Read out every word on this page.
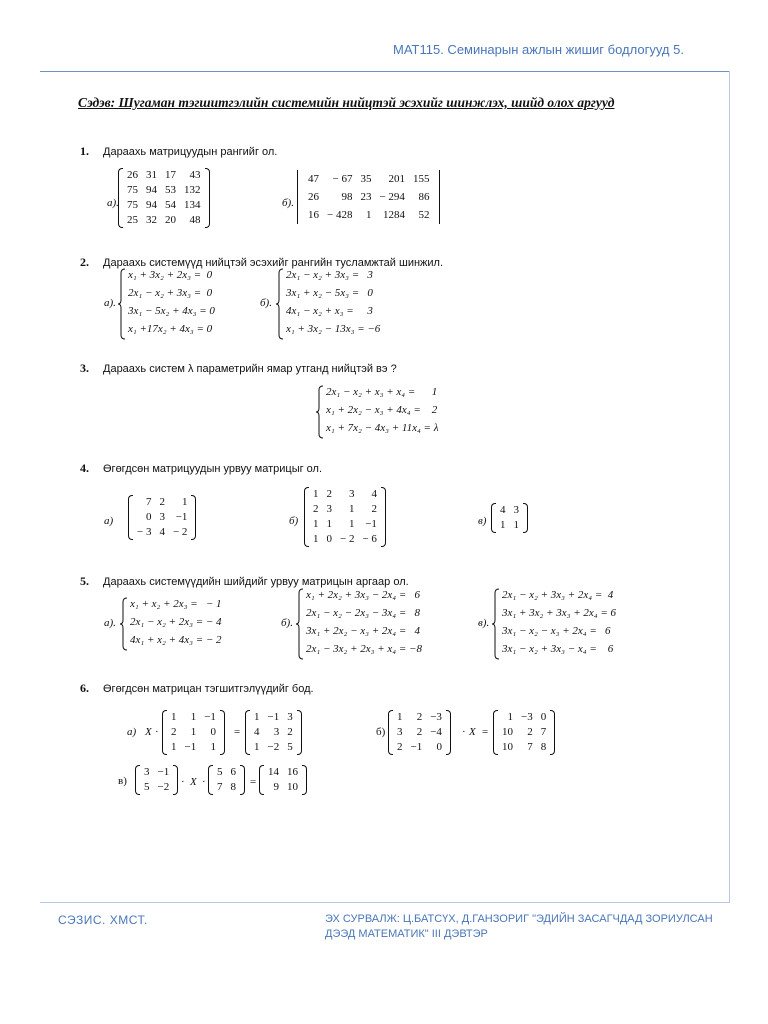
MAT115. Семинарын ажлын жишиг бодлогууд 5.
Сэдэв: Шугаман тэгшитгэлийн системийн нийцтэй эсэхийг шинжлэх, шийд олох аргууд
1. Дараахь матрицуудын рангийг ол.
2. Дараахь системүүд нийцтэй эсэхийг рангийн тусламжтай шинжил.
3. Дараахь систем λ параметрийн ямар утганд нийцтэй вэ ?
4. Өгөгдсөн матрицуудын урвуу матрицыг ол.
5. Дараахь системүүдийн шийдийг урвуу матрицын аргаар ол.
6. Өгөгдсөн матрицан тэгшитгэлүүдийг бод.
а).
26	31	17	43
75	94	53	132
75	94	54	134
25	32	20	48
б).
47	− 67	35	201	155
26	98	23	− 294	86
16	− 428	1	1284	52
а).
x₁ + 3x₂ + 2x₃ =  0
2x₁ − x₂ + 3x₃ =  0
3x₁ − 5x₂ + 4x₃ = 0
x₁ +17x₂ + 4x₃ = 0
б).
2x₁ − x₂ + 3x₃ =   3
3x₁ + x₂ − 5x₃ =   0
4x₁ − x₂ + x₃ =     3
x₁ + 3x₂ − 13x₃ = −6
2x₁ − x₂ + x₃ + x₄ =      1
x₁ + 2x₂ − x₃ + 4x₄ =    2
x₁ + 7x₂ − 4x₃ + 11x₄ = λ
а)
7	2	1
0	3	−1
− 3	4	− 2
б)
1	2	3	4
2	3	1	2
1	1	1	−1
1	0	− 2	− 6
в)
4	3
1	1
а).
x₁ + x₂ + 2x₃ =   − 1
2x₁ − x₂ + 2x₃ = − 4
4x₁ + x₂ + 4x₃ = − 2
б).
x₁ + 2x₂ + 3x₃ − 2x₄ =   6
2x₁ − x₂ − 2x₃ − 3x₄ =   8
3x₁ + 2x₂ − x₃ + 2x₄ =   4
2x₁ − 3x₂ + 2x₃ + x₄ = −8
в).
2x₁ − x₂ + 3x₃ + 2x₄ =  4
3x₁ + 3x₂ + 3x₃ + 2x₄ = 6
3x₁ − x₂ − x₃ + 2x₄ =   6
3x₁ − x₂ + 3x₃ − x₄ =    6
а) X ·
1	1	−1
2	1	0
1	−1	1
=
1	−1	3
4	3	2
1	−2	5
б)
1	2	−3
3	2	−4
2	−1	0
· X =
1	−3	0
10	2	7
10	7	8
в)
3	−1
5	−2 · X ·
5	6
7	8 =
14	16
9	10
СЭЗИС. ХМСТ.	ЭХ СУРВАЛЖ: Ц.БАТСҮХ, Д.ГАНЗОРИГ "ЭДИЙН ЗАСАГЧДАД ЗОРИУЛСАН ДЭЭД МАТЕМАТИК" III ДЭВТЭР
